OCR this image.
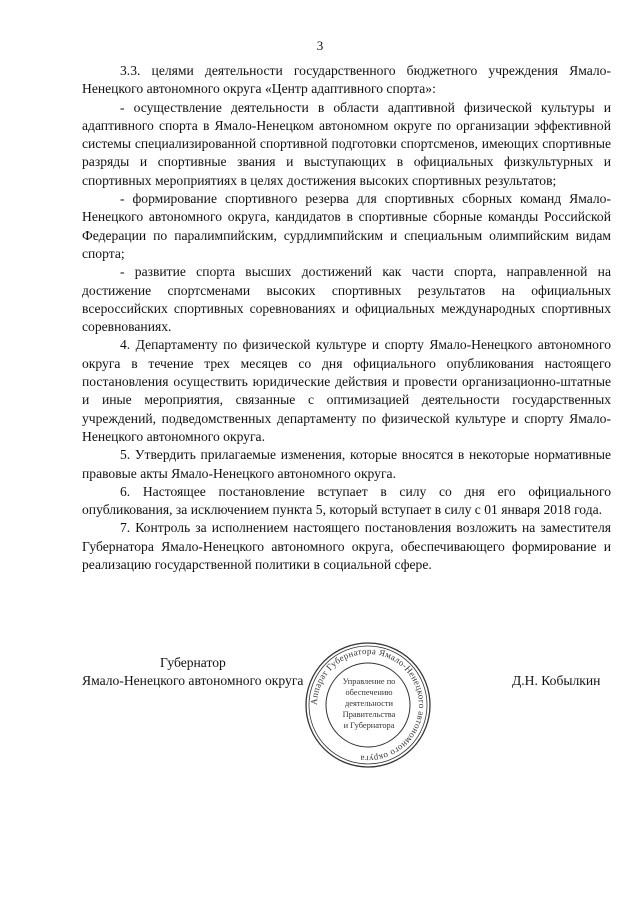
3

3.3. целями деятельности государственного бюджетного учреждения Ямало-Ненецкого автономного округа «Центр адаптивного спорта»:

- осуществление деятельности в области адаптивной физической культуры и адаптивного спорта в Ямало-Ненецком автономном округе по организации эффективной системы специализированной спортивной подготовки спортсменов, имеющих спортивные разряды и спортивные звания и выступающих в официальных физкультурных и спортивных мероприятиях в целях достижения высоких спортивных результатов;

- формирование спортивного резерва для спортивных сборных команд Ямало-Ненецкого автономного округа, кандидатов в спортивные сборные команды Российской Федерации по паралимпийским, сурдлимпийским и специальным олимпийским видам спорта;

- развитие спорта высших достижений как части спорта, направленной на достижение спортсменами высоких спортивных результатов на официальных всероссийских спортивных соревнованиях и официальных международных спортивных соревнованиях.

4. Департаменту по физической культуре и спорту Ямало-Ненецкого автономного округа в течение трех месяцев со дня официального опубликования настоящего постановления осуществить юридические действия и провести организационно-штатные и иные мероприятия, связанные с оптимизацией деятельности государственных учреждений, подведомственных департаменту по физической культуре и спорту Ямало-Ненецкого автономного округа.

5. Утвердить прилагаемые изменения, которые вносятся в некоторые нормативные правовые акты Ямало-Ненецкого автономного округа.

6. Настоящее постановление вступает в силу со дня его официального опубликования, за исключением пункта 5, который вступает в силу с 01 января 2018 года.

7. Контроль за исполнением настоящего постановления возложить на заместителя Губернатора Ямало-Ненецкого автономного округа, обеспечивающего формирование и реализацию государственной политики в социальной сфере.

Губернатор
Ямало-Ненецкого автономного округа	Д.Н. Кобылкин
Аппарат Губернатора Ямало-Ненецкого автономного округа
Управление по
обеспечению
деятельности
Правительства
и Губернатора
